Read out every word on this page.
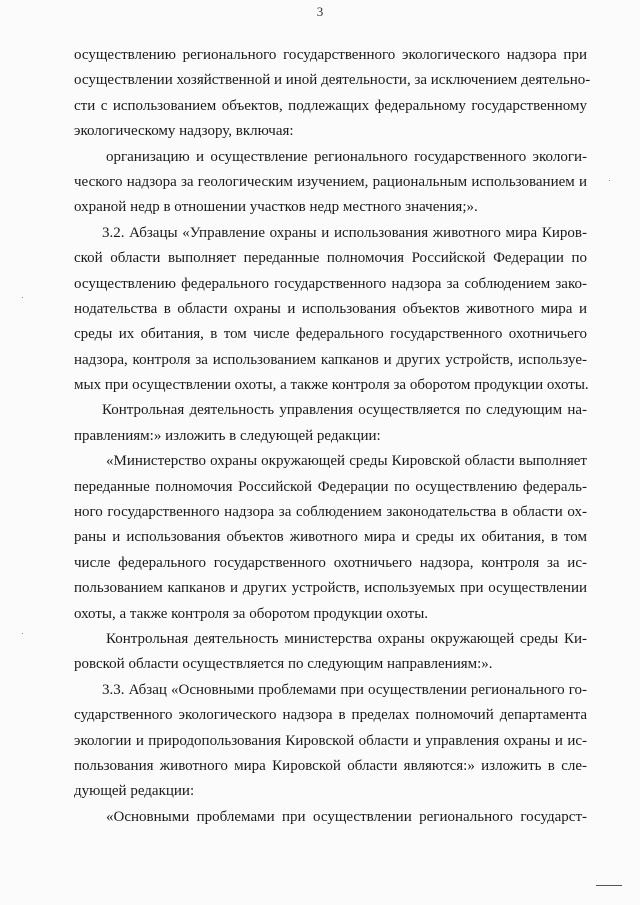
3
осуществлению регионального государственного экологического надзора при
осуществлении хозяйственной и иной деятельности, за исключением деятельно-
сти с использованием объектов, подлежащих федеральному государственному
экологическому надзору, включая:
организацию и осуществление регионального государственного экологи-
ческого надзора за геологическим изучением, рациональным использованием и
охраной недр в отношении участков недр местного значения;».
3.2. Абзацы «Управление охраны и использования животного мира Киров-
ской области выполняет переданные полномочия Российской Федерации по
осуществлению федерального государственного надзора за соблюдением зако-
нодательства в области охраны и использования объектов животного мира и
среды их обитания, в том числе федерального государственного охотничьего
надзора, контроля за использованием капканов и других устройств, используе-
мых при осуществлении охоты, а также контроля за оборотом продукции охоты.
Контрольная деятельность управления осуществляется по следующим на-
правлениям:» изложить в следующей редакции:
«Министерство охраны окружающей среды Кировской области выполняет
переданные полномочия Российской Федерации по осуществлению федераль-
ного государственного надзора за соблюдением законодательства в области ох-
раны и использования объектов животного мира и среды их обитания, в том
числе федерального государственного охотничьего надзора, контроля за ис-
пользованием капканов и других устройств, используемых при осуществлении
охоты, а также контроля за оборотом продукции охоты.
Контрольная деятельность министерства охраны окружающей среды Ки-
ровской области осуществляется по следующим направлениям:».
3.3. Абзац «Основными проблемами при осуществлении регионального го-
сударственного экологического надзора в пределах полномочий департамента
экологии и природопользования Кировской области и управления охраны и ис-
пользования животного мира Кировской области являются:» изложить в сле-
дующей редакции:
«Основными проблемами при осуществлении регионального государст-
